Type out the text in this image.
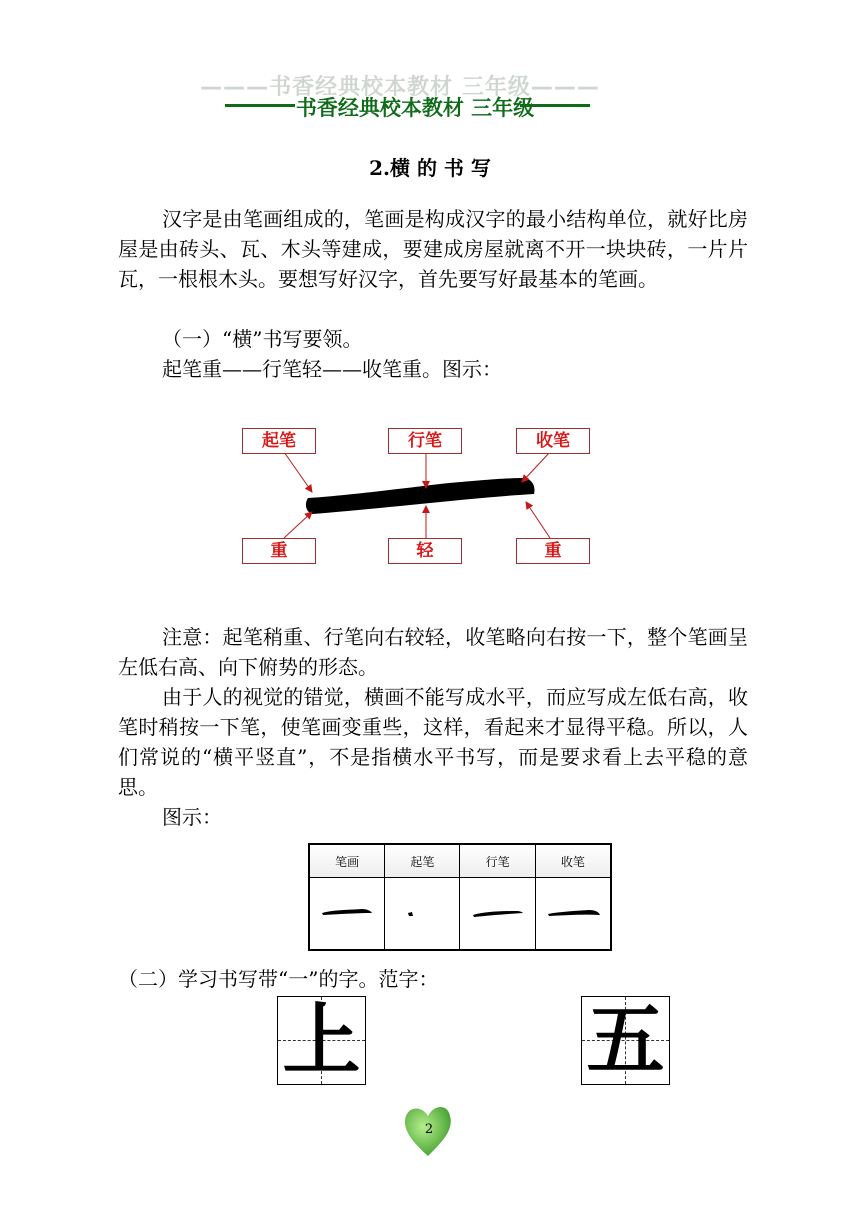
———书香经典校本教材 三年级———
书香经典校本教材 三年级
2.横 的 书 写
汉字是由笔画组成的，笔画是构成汉字的最小结构单位，就好比房屋是由砖头、瓦、木头等建成，要建成房屋就离不开一块块砖，一片片瓦，一根根木头。要想写好汉字，首先要写好最基本的笔画。
（一）“横”书写要领。
起笔重——行笔轻——收笔重。图示：
起笔	行笔	收笔
重	轻	重
注意：起笔稍重、行笔向右较轻，收笔略向右按一下，整个笔画呈左低右高、向下俯势的形态。
由于人的视觉的错觉，横画不能写成水平，而应写成左低右高，收笔时稍按一下笔，使笔画变重些，这样，看起来才显得平稳。所以，人们常说的“横平竖直”，不是指横水平书写，而是要求看上去平稳的意思。
图示：
笔画	起笔	行笔	收笔

（二）学习书写带“一”的字。范字：
上	五
2
